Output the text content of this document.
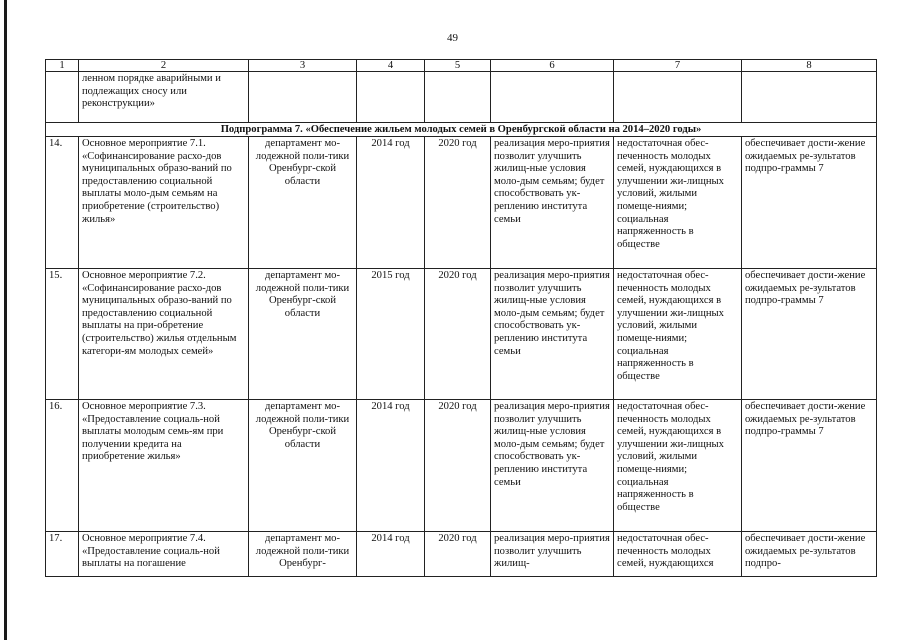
49
1	2	3	4	5	6	7	8
	ленном порядке аварийными и подлежащих сносу или реконструкции»						
Подпрограмма 7. «Обеспечение жильем молодых семей в Оренбургской области на 2014–2020 годы»							
14.	Основное мероприятие 7.1. «Софинансирование расхо-дов муниципальных образо-ваний по предоставлению социальной выплаты моло-дым семьям на приобретение (строительство) жилья»	департамент мо-лодежной поли-тики Оренбург-ской области	2014 год	2020 год	реализация меро-приятия позволит улучшить жилищ-ные условия моло-дым семьям; будет способствовать ук-реплению института семьи	недостаточная обес-печенность молодых семей, нуждающихся в улучшении жи-лищных условий, жилыми помеще-ниями; социальная напряженность в обществе	обеспечивает дости-жение ожидаемых ре-зультатов подпро-граммы 7
15.	Основное мероприятие 7.2. «Софинансирование расхо-дов муниципальных образо-ваний по предоставлению социальной выплаты на при-обретение (строительство) жилья отдельным категори-ям молодых семей»	департамент мо-лодежной поли-тики Оренбург-ской области	2015 год	2020 год	реализация меро-приятия позволит улучшить жилищ-ные условия моло-дым семьям; будет способствовать ук-реплению института семьи	недостаточная обес-печенность молодых семей, нуждающихся в улучшении жи-лищных условий, жилыми помеще-ниями; социальная напряженность в обществе	обеспечивает дости-жение ожидаемых ре-зультатов подпро-граммы 7
16.	Основное мероприятие 7.3. «Предоставление социаль-ной выплаты молодым семь-ям при получении кредита на приобретение жилья»	департамент мо-лодежной поли-тики Оренбург-ской области	2014 год	2020 год	реализация меро-приятия позволит улучшить жилищ-ные условия моло-дым семьям; будет способствовать ук-реплению института семьи	недостаточная обес-печенность молодых семей, нуждающихся в улучшении жи-лищных условий, жилыми помеще-ниями; социальная напряженность в обществе	обеспечивает дости-жение ожидаемых ре-зультатов подпро-граммы 7
17.	Основное мероприятие 7.4. «Предоставление социаль-ной выплаты на погашение	департамент мо-лодежной поли-тики Оренбург-	2014 год	2020 год	реализация меро-приятия позволит улучшить жилищ-	недостаточная обес-печенность молодых семей, нуждающихся	обеспечивает дости-жение ожидаемых ре-зультатов подпро-
